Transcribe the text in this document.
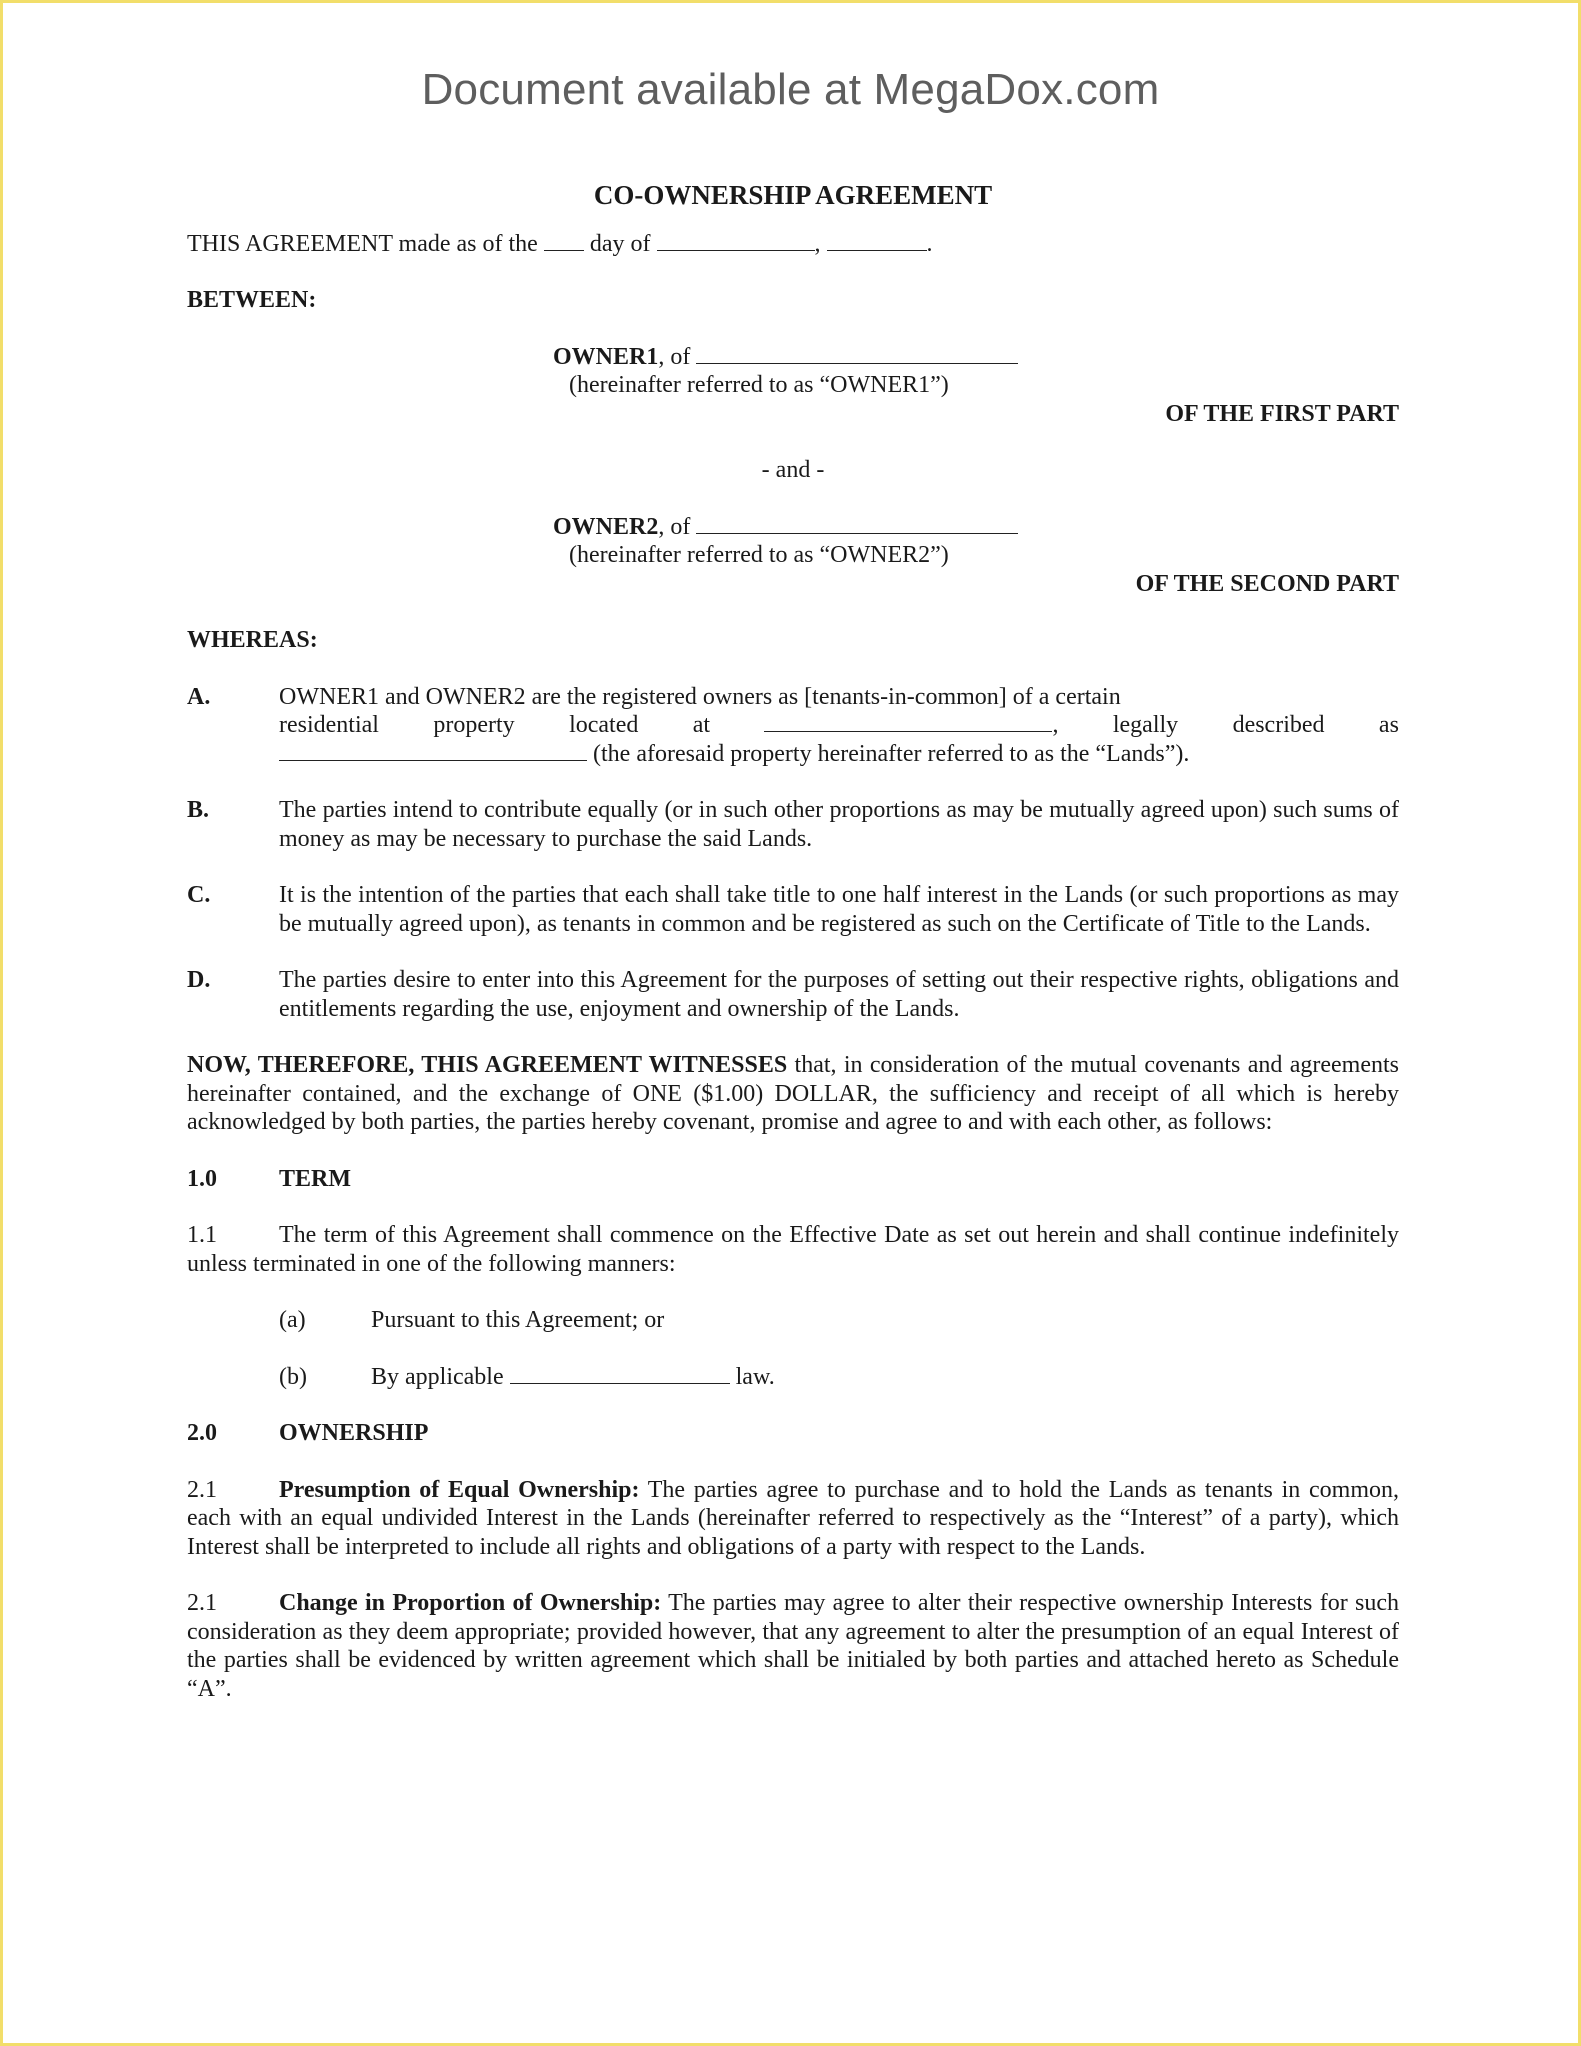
Document available at MegaDox.com

CO-OWNERSHIP AGREEMENT

THIS AGREEMENT made as of the day of	,	.

BETWEEN:

OWNER1, of

(hereinafter referred to as “OWNER1”)

OF THE FIRST PART

- and -

OWNER2, of

(hereinafter referred to as “OWNER2”)

OF THE SECOND PART

WHEREAS:

A.	OWNER1 and OWNER2 are the registered owners as [tenants-in-common] of a certain
residential property located at	, legally described as
(the aforesaid property hereinafter referred to as the “Lands”).
B.	The parties intend to contribute equally (or in such other proportions as may be mutually agreed upon) such sums of money as may be necessary to purchase the said Lands.
C.	It is the intention of the parties that each shall take title to one half interest in the Lands (or such proportions as may be mutually agreed upon), as tenants in common and be registered as such on the Certificate of Title to the Lands.
D.	The parties desire to enter into this Agreement for the purposes of setting out their respective rights, obligations and entitlements regarding the use, enjoyment and ownership of the Lands.

NOW, THEREFORE, THIS AGREEMENT WITNESSES that, in consideration of the mutual covenants and agreements hereinafter contained, and the exchange of ONE ($1.00) DOLLAR, the sufficiency and receipt of all which is hereby acknowledged by both parties, the parties hereby covenant, promise and agree to and with each other, as follows:

1.0	TERM

1.1	The term of this Agreement shall commence on the Effective Date as set out herein and shall continue indefinitely unless terminated in one of the following manners:

(a)	Pursuant to this Agreement; or
(b)	By applicable	law.
2.0	OWNERSHIP

2.1	Presumption of Equal Ownership: The parties agree to purchase and to hold the Lands as tenants in common, each with an equal undivided Interest in the Lands (hereinafter referred to respectively as the “Interest” of a party), which Interest shall be interpreted to include all rights and obligations of a party with respect to the Lands.

2.1	Change in Proportion of Ownership: The parties may agree to alter their respective ownership Interests for such consideration as they deem appropriate; provided however, that any agreement to alter the presumption of an equal Interest of the parties shall be evidenced by written agreement which shall be initialed by both parties and attached hereto as Schedule “A”.
